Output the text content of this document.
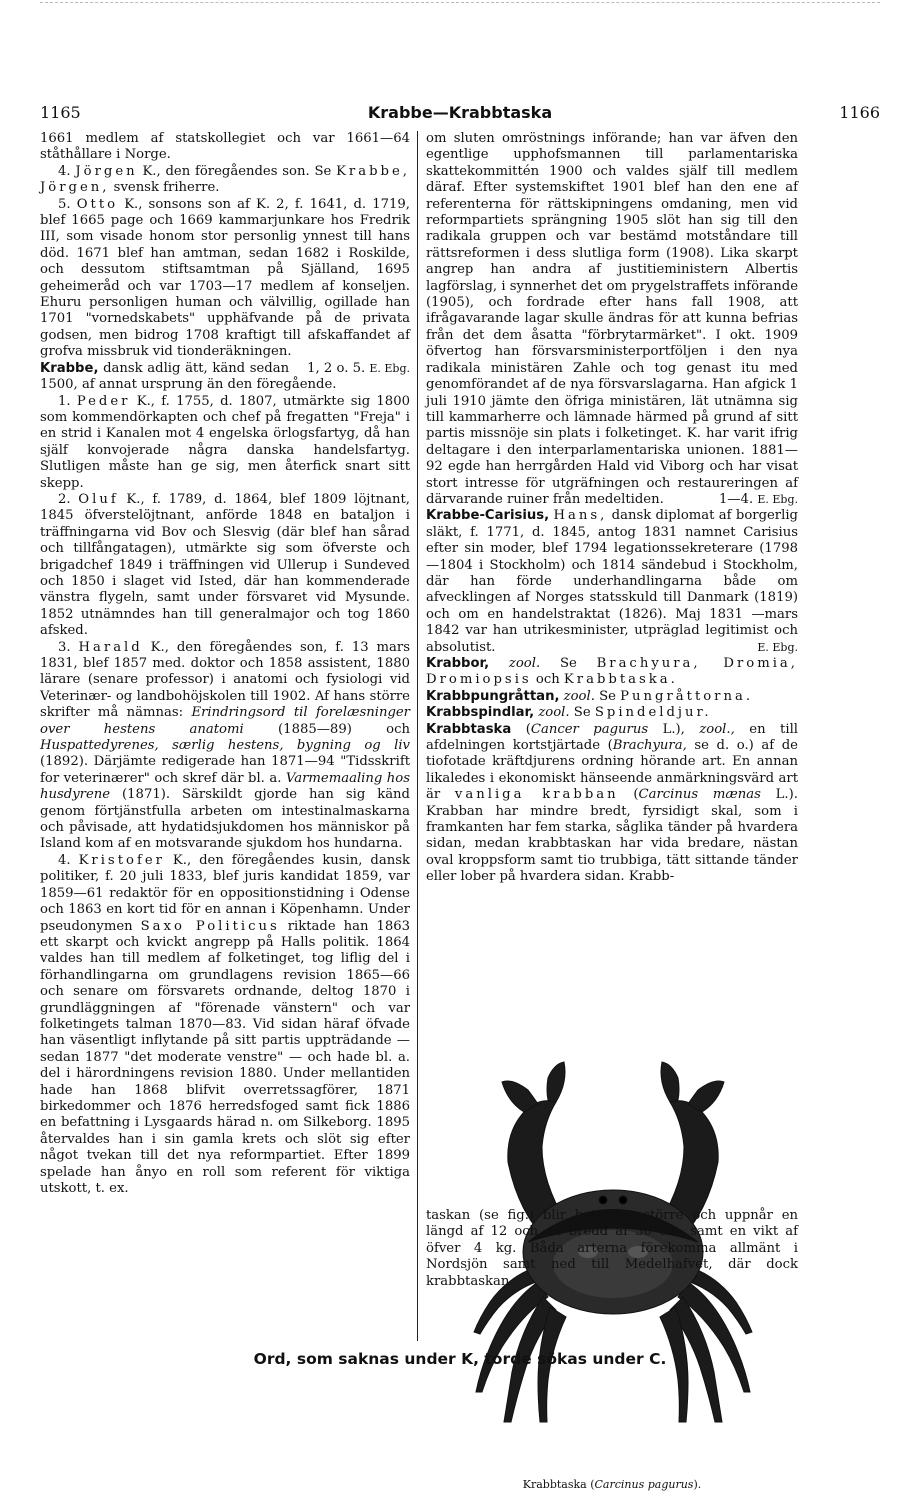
1165	Krabbe—Krabbtaska	1166

1661 medlem af statskollegiet och var 1661—64 ståthållare i Norge.

4. Jörgen K., den föregåendes son. Se Krabbe, Jörgen, svensk friherre.

5. Otto K., sonsons son af K. 2, f. 1641, d. 1719, blef 1665 page och 1669 kammarjunkare hos Fredrik III, som visade honom stor personlig ynnest till hans död. 1671 blef han amtman, sedan 1682 i Roskilde, och dessutom stiftsamtman på Själland, 1695 geheimeråd och var 1703—17 medlem af konseljen. Ehuru personligen human och välvillig, ogillade han 1701 "vornedskabets" upphäfvande på de privata godsen, men bidrog 1708 kraftigt till afskaffandet af grofva missbruk vid tionderäkningen.
1, 2 o. 5. E. Ebg.

Krabbe, dansk adlig ätt, känd sedan 1500, af annat ursprung än den föregående.

1. Peder K., f. 1755, d. 1807, utmärkte sig 1800 som kommendörkapten och chef på fregatten "Freja" i en strid i Kanalen mot 4 engelska örlogsfartyg, då han själf konvojerade några danska handelsfartyg. Slutligen måste han ge sig, men återfick snart sitt skepp.

2. Oluf K., f. 1789, d. 1864, blef 1809 löjtnant, 1845 öfverstelöjtnant, anförde 1848 en bataljon i träffningarna vid Bov och Slesvig (där blef han sårad och tillfångatagen), utmärkte sig som öfverste och brigadchef 1849 i träffningen vid Ullerup i Sundeved och 1850 i slaget vid Isted, där han kommenderade vänstra flygeln, samt under försvaret vid Mysunde. 1852 utnämndes han till generalmajor och tog 1860 afsked.

3. Harald K., den föregåendes son, f. 13 mars 1831, blef 1857 med. doktor och 1858 assistent, 1880 lärare (senare professor) i anatomi och fysiologi vid Veterinær- og landbohöjskolen till 1902. Af hans större skrifter må nämnas: Erindringsord til forelæsninger over hestens anatomi	(1885—89) och Huspattedyrenes, særlig hestens, bygning og liv (1892). Därjämte redigerade han 1871—94 "Tidsskrift for veterinærer" och skref där bl. a. Varmemaaling hos husdyrene (1871). Särskildt gjorde han sig känd genom förtjänstfulla arbeten om intestinalmaskarna och påvisade, att hydatidsjukdomen hos människor på Island kom af en motsvarande sjukdom hos hundarna.

4. Kristofer K., den föregåendes kusin, dansk politiker, f. 20 juli 1833, blef juris kandidat 1859, var 1859—61 redaktör för en oppositionstidning i Odense och 1863 en kort tid för en annan i Köpenhamn. Under pseudonymen Saxo Politicus riktade han 1863 ett skarpt och kvickt angrepp på Halls politik. 1864 valdes han till medlem af folketinget, tog liflig del i förhandlingarna om grundlagens revision 1865—66 och senare om försvarets ordnande, deltog 1870 i grundläggningen af "förenade vänstern" och var folketingets talman 1870—83. Vid sidan häraf öfvade han väsentligt inflytande på sitt partis uppträdande — sedan 1877 "det moderate venstre" — och hade bl. a. del i härordningens revision 1880. Under mellantiden hade han 1868 blifvit overretssagförer, 1871 birkedommer och 1876 herredsfoged samt fick 1886 en befattning i Lysgaards härad n. om Silkeborg. 1895 återvaldes han i sin gamla krets och slöt sig efter något tvekan till det nya reformpartiet. Efter 1899 spelade han ånyo en roll som referent för viktiga utskott, t. ex.

om sluten omröstnings införande; han var äfven den egentlige upphofsmannen till parlamentariska skattekommittén 1900 och valdes själf till medlem däraf. Efter systemskiftet 1901 blef han den ene af referenterna för rättskipningens omdaning, men vid reformpartiets sprängning 1905 slöt han sig till den radikala gruppen och var bestämd motståndare till rättsreformen i dess slutliga form (1908). Lika skarpt angrep han andra af justitieministern Albertis lagförslag, i synnerhet det om prygelstraffets införande (1905), och fordrade efter hans fall 1908, att ifrågavarande lagar skulle ändras för att kunna befrias från det dem åsatta "förbrytarmärket". I okt. 1909 öfvertog han försvarsministerportföljen i den nya radikala ministären Zahle och tog genast itu med genomförandet af de nya försvarslagarna. Han afgick 1 juli 1910 jämte den öfriga ministären, lät utnämna sig till kammarherre och lämnade härmed på grund af sitt partis missnöje sin plats i folketinget. K. har varit ifrig deltagare i den interparlamentariska unionen. 1881—92 egde han herrgården Hald vid Viborg och har visat stort intresse för utgräfningen och restaureringen af därvarande ruiner från medeltiden.	1—4. E. Ebg.

Krabbe-Carisius, Hans, dansk diplomat af borgerlig släkt, f. 1771, d. 1845, antog 1831 namnet Carisius efter sin moder, blef 1794 legationssekreterare (1798—1804 i Stockholm) och 1814 sändebud i Stockholm, där han förde underhandlingarna både om afvecklingen af Norges statsskuld till Danmark (1819) och om en handelstraktat (1826). Maj 1831 —mars 1842 var han utrikesminister, utpräglad legitimist och absolutist.	E. Ebg.

Krabbor, zool. Se Brachyura, Dromia, Dromiopsis och Krabbtaska.

Krabbpungråttan, zool. Se Pungråttorna.

Krabbspindlar, zool. Se Spindeldjur.

Krabbtaska (Cancer pagurus L.), zool., en till afdelningen kortstjärtade (Brachyura, se d. o.) af de tiofotade kräftdjurens ordning hörande art. En annan likaledes i ekonomiskt hänseende anmärkningsvärd art är vanliga krabban (Carcinus mænas L.). Krabban har mindre bredt, fyrsidigt skal, som i framkanten har fem starka, såglika tänder på hvardera sidan, medan krabbtaskan har vida bredare, nästan oval kroppsform samt tio trubbiga, tätt sittande tänder eller lober på hvardera sidan. Krabb-

Krabbtaska (Carcinus pagurus).

taskan (se fig.) blir betydligt större och uppnår en längd af 12 och en bredd af 30 cm. samt en vikt af öfver 4 kg. Båda arterna förekomma allmänt i Nordsjön samt ned till Medelhafvet, där dock krabbtaskan

Ord, som saknas under K, torde sökas under C.
